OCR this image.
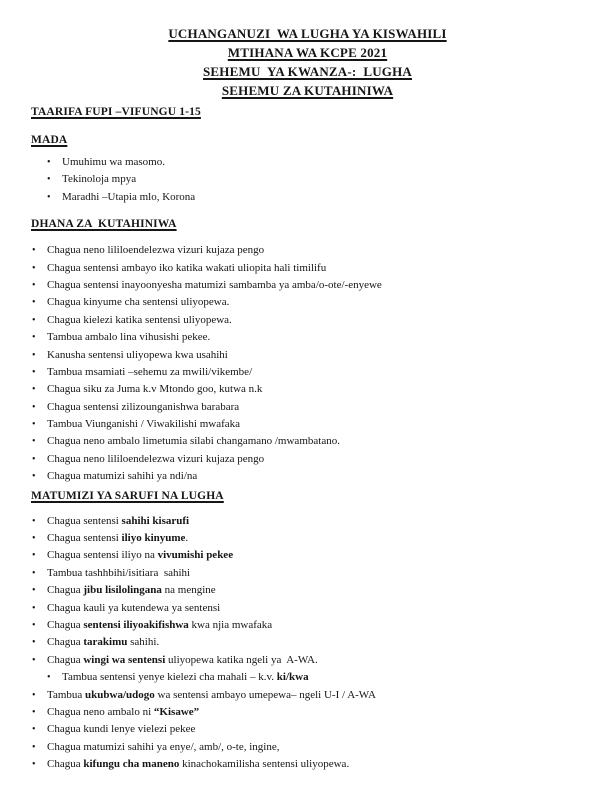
UCHANGANUZI  WA LUGHA YA KISWAHILI
MTIHANA WA KCPE 2021
SEHEMU  YA KWANZA-:  LUGHA
SEHEMU ZA KUTAHINIWA
TAARIFA FUPI –VIFUNGU 1-15
MADA
•	Umuhimu wa masomo.
•	Tekinoloja mpya
•	Maradhi –Utapia mlo, Korona
DHANA ZA  KUTAHINIWA
•	Chagua neno lililoendelezwa vizuri kujaza pengo
•	Chagua sentensi ambayo iko katika wakati uliopita hali timilifu
•	Chagua sentensi inayoonyesha matumizi sambamba ya amba/o-ote/-enyewe
•	Chagua kinyume cha sentensi uliyopewa.
•	Chagua kielezi katika sentensi uliyopewa.
•	Tambua ambalo lina vihusishi pekee.
•	Kanusha sentensi uliyopewa kwa usahihi
•	Tambua msamiati –sehemu za mwili/vikembe/
•	Chagua siku za Juma k.v Mtondo goo, kutwa n.k
•	Chagua sentensi zilizounganishwa barabara
•	Tambua Viunganishi / Viwakilishi mwafaka
•	Chagua neno ambalo limetumia silabi changamano /mwambatano.
•	Chagua neno lililoendelezwa vizuri kujaza pengo
•	Chagua matumizi sahihi ya ndi/na
MATUMIZI YA SARUFI NA LUGHA
•	Chagua sentensi sahihi kisarufi
•	Chagua sentensi iliyo kinyume.
•	Chagua sentensi iliyo na vivumishi pekee
•	Tambua tashhbihi/isitiara  sahihi
•	Chagua jibu lisilolingana na mengine
•	Chagua kauli ya kutendewa ya sentensi
•	Chagua sentensi iliyoakifishwa kwa njia mwafaka
•	Chagua tarakimu sahihi.
•	Chagua wingi wa sentensi uliyopewa katika ngeli ya  A-WA.
•	Tambua sentensi yenye kielezi cha mahali – k.v. ki/kwa
•	Tambua ukubwa/udogo wa sentensi ambayo umepewa– ngeli U-I / A-WA
•	Chagua neno ambalo ni “Kisawe”
•	Chagua kundi lenye vielezi pekee
•	Chagua matumizi sahihi ya enye/, amb/, o-te, ingine,
•	Chagua kifungu cha maneno kinachokamilisha sentensi uliyopewa.
